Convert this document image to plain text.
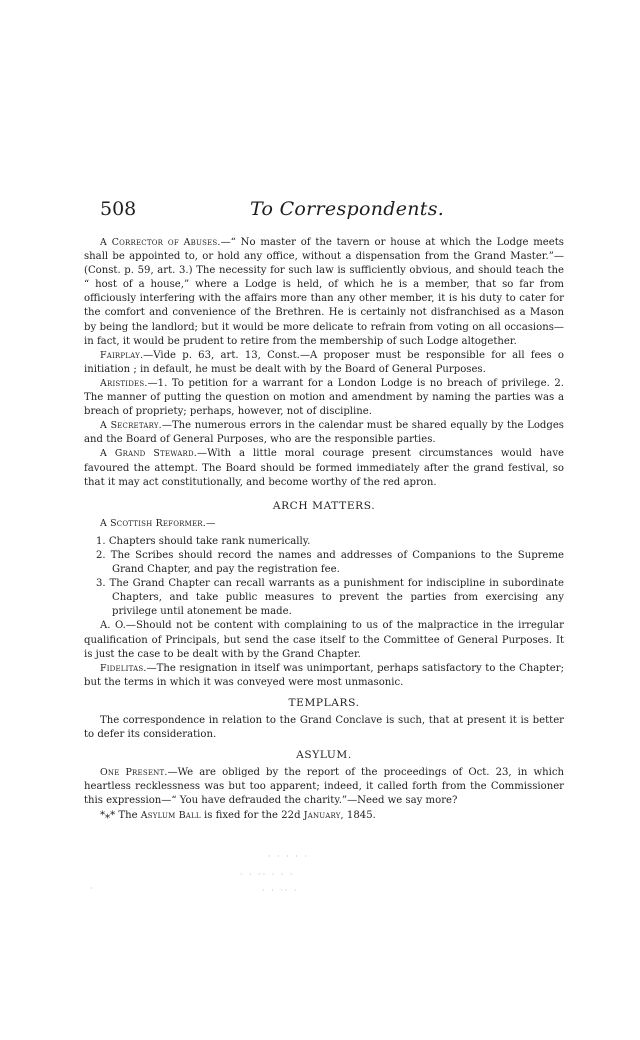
508	To Correspondents.

A Corrector of Abuses.—“ No master of the tavern or house at which the Lodge meets shall be appointed to, or hold any office, without a dispensation from the Grand Master.”—(Const. p. 59, art. 3.) The necessity for such law is sufficiently obvious, and should teach the “ host of a house,” where a Lodge is held, of which he is a member, that so far from officiously interfering with the affairs more than any other member, it is his duty to cater for the comfort and convenience of the Brethren. He is certainly not disfranchised as a Mason by being the landlord; but it would be more delicate to refrain from voting on all occasions—in fact, it would be prudent to retire from the membership of such Lodge altogether.

Fairplay.—Vide p. 63, art. 13, Const.—A proposer must be responsible for all fees o initiation ; in default, he must be dealt with by the Board of General Purposes.

Aristides.—1. To petition for a warrant for a London Lodge is no breach of privilege. 2. The manner of putting the question on motion and amendment by naming the parties was a breach of propriety; perhaps, however, not of discipline.

A Secretary.—The numerous errors in the calendar must be shared equally by the Lodges and the Board of General Purposes, who are the responsible parties.

A Grand Steward.—With a little moral courage present circumstances would have favoured the attempt. The Board should be formed immediately after the grand festival, so that it may act constitutionally, and become worthy of the red apron.

ARCH MATTERS.

A Scottish Reformer.—

1. Chapters should take rank numerically.

2. The Scribes should record the names and addresses of Companions to the Supreme Grand Chapter, and pay the registration fee.

3. The Grand Chapter can recall warrants as a punishment for indiscipline in subordinate Chapters, and take public measures to prevent the parties from exercising any privilege until atonement be made.

A. O.—Should not be content with complaining to us of the malpractice in the irregular qualification of Principals, but send the case itself to the Committee of General Purposes. It is just the case to be dealt with by the Grand Chapter.

Fidelitas.—The resignation in itself was unimportant, perhaps satisfactory to the Chapter; but the terms in which it was conveyed were most unmasonic.

TEMPLARS.

The correspondence in relation to the Grand Conclave is such, that at present it is better to defer its consideration.

ASYLUM.

One Present.—We are obliged by the report of the proceedings of Oct. 23, in which heartless recklessness was but too apparent; indeed, it called forth from the Commissioner this expression—“ You have defrauded the charity.”—Need we say more?

*⁎* The Asylum Ball is fixed for the 22d January, 1845.

· · · · ·
· · ·· · · ·
· · ·· ·
·
